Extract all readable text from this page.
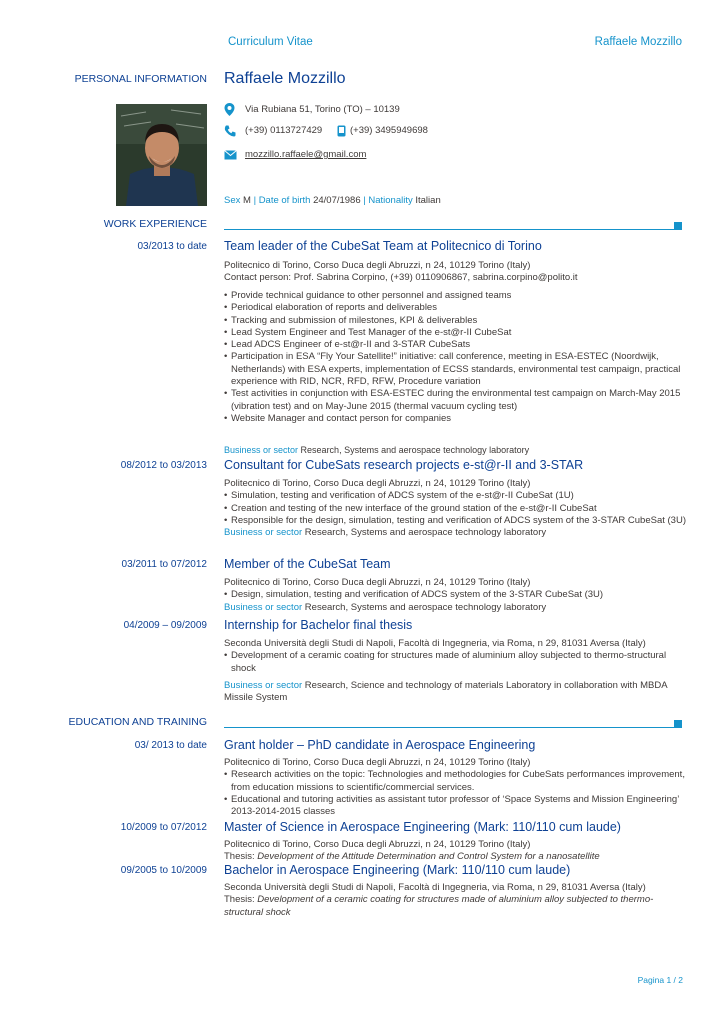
Curriculum Vitae	Raffaele Mozzillo
PERSONAL INFORMATION Raffaele Mozzillo
Via Rubiana 51, Torino (TO) – 10139
(+39) 0113727429	(+39) 3495949698
mozzillo.raffaele@gmail.com
Sex M | Date of birth 24/07/1986 | Nationality Italian
WORK EXPERIENCE
03/2013 to date Team leader of the CubeSat Team at Politecnico di Torino

Politecnico di Torino, Corso Duca degli Abruzzi, n 24, 10129 Torino (Italy)

Contact person: Prof. Sabrina Corpino, (+39) 0110906867, sabrina.corpino@polito.it

• Provide technical guidance to other personnel and assigned teams
• Periodical elaboration of reports and deliverables
• Tracking and submission of milestones, KPI & deliverables
• Lead System Engineer and Test Manager of the e-st@r-II CubeSat
• Lead ADCS Engineer of e-st@r-II and 3-STAR CubeSats
• Participation in ESA “Fly Your Satellite!” initiative: call conference, meeting in ESA-ESTEC (Noordwijk, Netherlands) with ESA experts, implementation of ECSS standards, environmental test campaign, practical experience with RID, NCR, RFD, RFW, Procedure variation
• Test activities in conjunction with ESA-ESTEC during the environmental test campaign on March-May 2015 (vibration test) and on May-June 2015 (thermal vacuum cycling test)
• Website Manager and contact person for companies
Business or sector Research, Systems and aerospace technology laboratory
08/2012 to 03/2013 Consultant for CubeSats research projects e-st@r-II and 3-STAR

Politecnico di Torino, Corso Duca degli Abruzzi, n 24, 10129 Torino (Italy)

• Simulation, testing and verification of ADCS system of the e-st@r-II CubeSat (1U)
• Creation and testing of the new interface of the ground station of the e-st@r-II CubeSat
• Responsible for the design, simulation, testing and verification of ADCS system of the 3-STAR CubeSat (3U)

Business or sector Research, Systems and aerospace technology laboratory

03/2011 to 07/2012 Member of the CubeSat Team

Politecnico di Torino, Corso Duca degli Abruzzi, n 24, 10129 Torino (Italy)

• Design, simulation, testing and verification of ADCS system of the 3-STAR CubeSat (3U)

Business or sector Research, Systems and aerospace technology laboratory

04/2009 – 09/2009 Internship for Bachelor final thesis

Seconda Università degli Studi di Napoli, Facoltà di Ingegneria, via Roma, n 29, 81031 Aversa (Italy)

• Development of a ceramic coating for structures made of aluminium alloy subjected to thermo-structural shock

Business or sector Research, Science and technology of materials Laboratory in collaboration with MBDA Missile System

EDUCATION AND TRAINING
03/ 2013 to date Grant holder – PhD candidate in Aerospace Engineering

Politecnico di Torino, Corso Duca degli Abruzzi, n 24, 10129 Torino (Italy)

• Research activities on the topic: Technologies and methodologies for CubeSats performances improvement, from education missions to scientific/commercial services.
• Educational and tutoring activities as assistant tutor professor of ‘Space Systems and Mission Engineering’ 2013-2014-2015 classes
10/2009 to 07/2012 Master of Science in Aerospace Engineering (Mark: 110/110 cum laude)

Politecnico di Torino, Corso Duca degli Abruzzi, n 24, 10129 Torino (Italy)

Thesis: Development of the Attitude Determination and Control System for a nanosatellite

09/2005 to 10/2009 Bachelor in Aerospace Engineering (Mark: 110/110 cum laude)

Seconda Università degli Studi di Napoli, Facoltà di Ingegneria, via Roma, n 29, 81031 Aversa (Italy)

Thesis: Development of a ceramic coating for structures made of aluminium alloy subjected to thermo-structural shock

Pagina 1 / 2
